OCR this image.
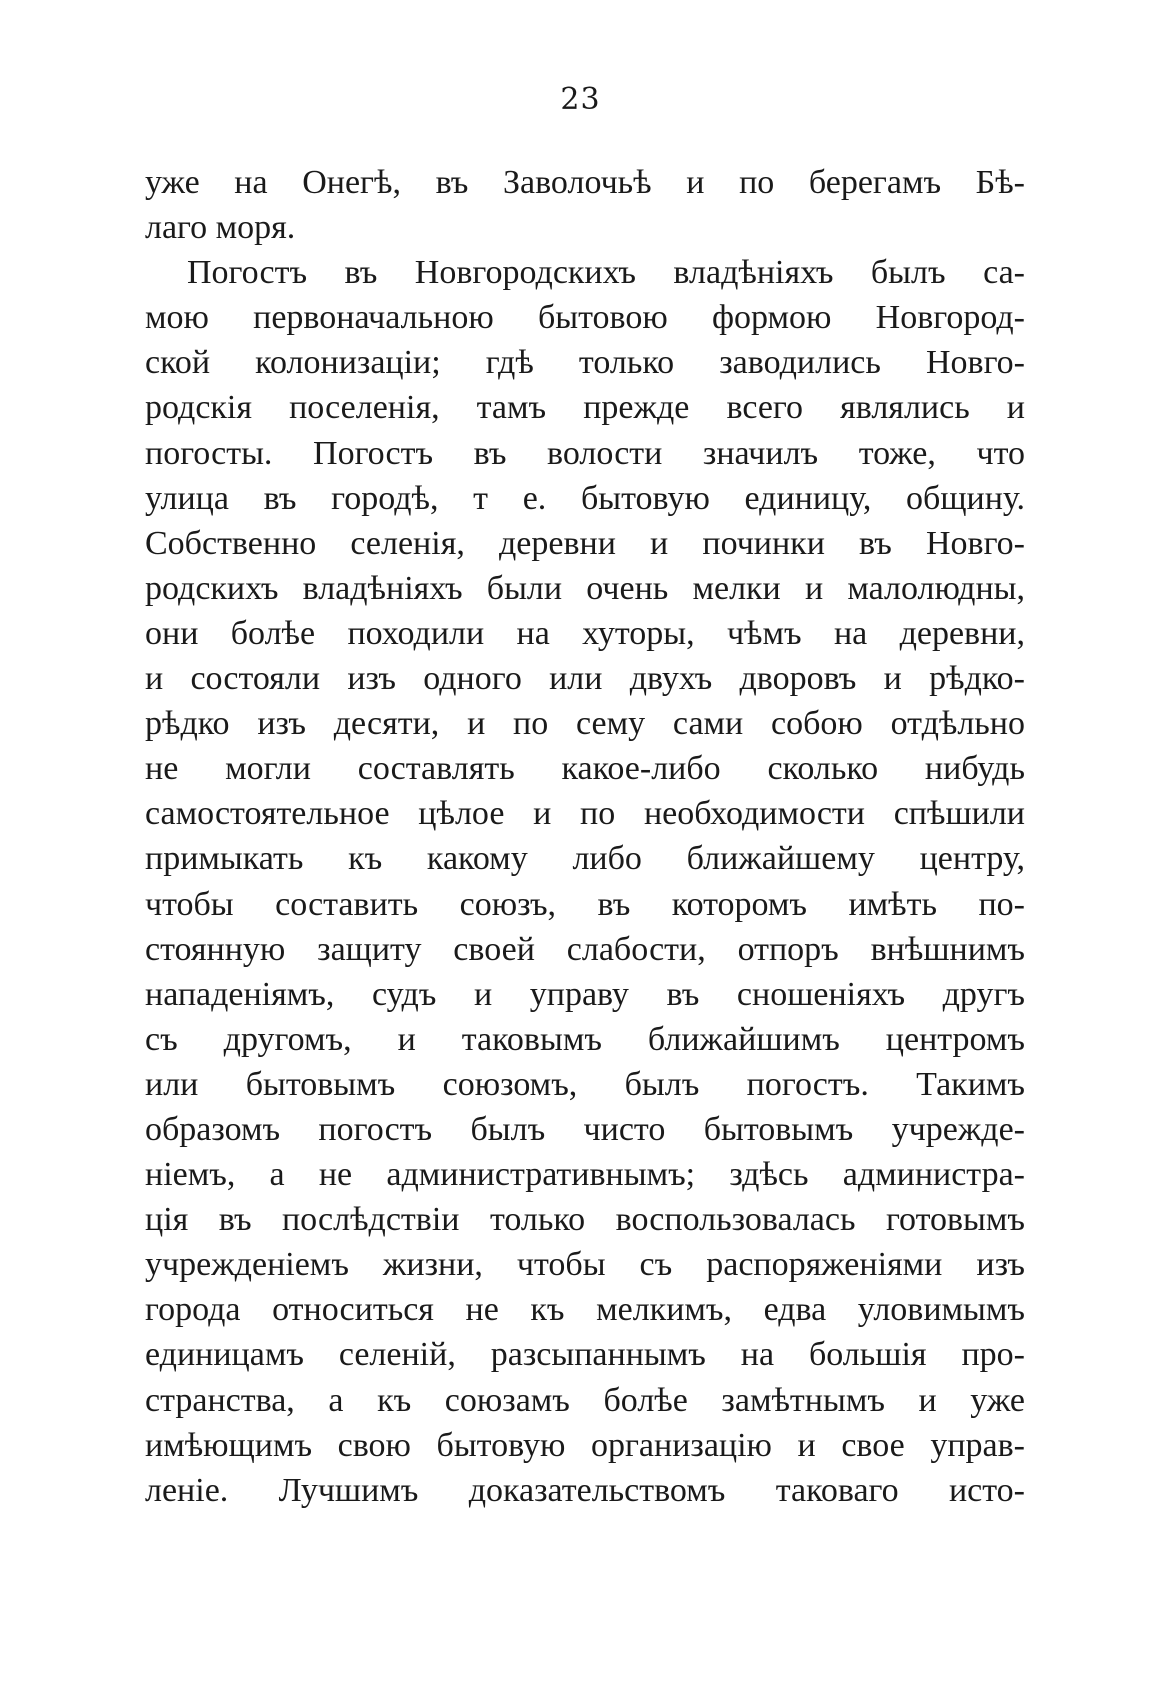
23
уже на Онегѣ, въ Заволочьѣ и по берегамъ Бѣ-
лаго моря.
Погостъ въ Новгородскихъ владѣніяхъ былъ са-
мою первоначальною бытовою формою Новгород-
ской колонизаціи; гдѣ только заводились Новго-
родскія поселенія, тамъ прежде всего являлись и
погосты. Погостъ въ волости значилъ тоже, что
улица въ городѣ, т е. бытовую единицу, общину.
Собственно селенія, деревни и починки въ Новго-
родскихъ владѣніяхъ были очень мелки и малолюдны,
они болѣе походили на хуторы, чѣмъ на деревни,
и состояли изъ одного или двухъ дворовъ и рѣдко-
рѣдко изъ десяти, и по сему сами собою отдѣльно
не могли составлять какое-либо сколько нибудь
самостоятельное цѣлое и по необходимости спѣшили
примыкать къ какому либо ближайшему центру,
чтобы составить союзъ, въ которомъ имѣть по-
стоянную защиту своей слабости, отпоръ внѣшнимъ
нападеніямъ, судъ и управу въ сношеніяхъ другъ
съ другомъ, и таковымъ ближайшимъ центромъ
или бытовымъ союзомъ, былъ погостъ. Такимъ
образомъ погостъ былъ чисто бытовымъ учрежде-
ніемъ, а не административнымъ; здѣсь администра-
ція въ послѣдствіи только воспользовалась готовымъ
учрежденіемъ жизни, чтобы съ распоряженіями изъ
города относиться не къ мелкимъ, едва уловимымъ
единицамъ селеній, разсыпаннымъ на большія про-
странства, а къ союзамъ болѣе замѣтнымъ и уже
имѣющимъ свою бытовую организацію и свое управ-
леніе. Лучшимъ доказательствомъ таковаго исто-
